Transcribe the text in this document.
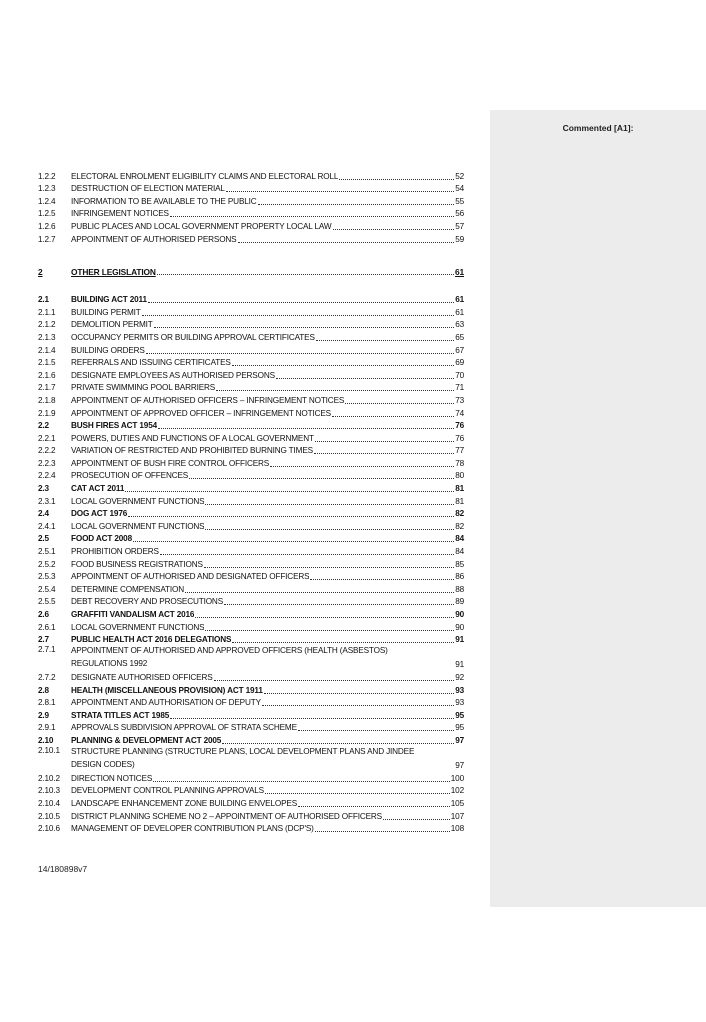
Commented [A1]:
1.2.2	ELECTORAL ENROLMENT ELIGIBILITY CLAIMS AND ELECTORAL ROLL	52
1.2.3	DESTRUCTION OF ELECTION MATERIAL	54
1.2.4	INFORMATION TO BE AVAILABLE TO THE PUBLIC	55
1.2.5	INFRINGEMENT NOTICES	56
1.2.6	PUBLIC PLACES AND LOCAL GOVERNMENT PROPERTY LOCAL LAW	57
1.2.7	APPOINTMENT OF AUTHORISED PERSONS	59
2	OTHER LEGISLATION	61
2.1	BUILDING ACT 2011	61
2.1.1	BUILDING PERMIT	61
2.1.2	DEMOLITION PERMIT	63
2.1.3	OCCUPANCY PERMITS OR BUILDING APPROVAL CERTIFICATES	65
2.1.4	BUILDING ORDERS	67
2.1.5	REFERRALS AND ISSUING CERTIFICATES	69
2.1.6	DESIGNATE EMPLOYEES AS AUTHORISED PERSONS	70
2.1.7	PRIVATE SWIMMING POOL BARRIERS	71
2.1.8	APPOINTMENT OF AUTHORISED OFFICERS – INFRINGEMENT NOTICES	73
2.1.9	APPOINTMENT OF APPROVED OFFICER – INFRINGEMENT NOTICES	74
2.2	BUSH FIRES ACT 1954	76
2.2.1	POWERS, DUTIES AND FUNCTIONS OF A LOCAL GOVERNMENT	76
2.2.2	VARIATION OF RESTRICTED AND PROHIBITED BURNING TIMES	77
2.2.3	APPOINTMENT OF BUSH FIRE CONTROL OFFICERS	78
2.2.4	PROSECUTION OF OFFENCES	80
2.3	CAT ACT 2011	81
2.3.1	LOCAL GOVERNMENT FUNCTIONS	81
2.4	DOG ACT 1976	82
2.4.1	LOCAL GOVERNMENT FUNCTIONS	82
2.5	FOOD ACT 2008	84
2.5.1	PROHIBITION ORDERS	84
2.5.2	FOOD BUSINESS REGISTRATIONS	85
2.5.3	APPOINTMENT OF AUTHORISED AND DESIGNATED OFFICERS	86
2.5.4	DETERMINE COMPENSATION	88
2.5.5	DEBT RECOVERY AND PROSECUTIONS	89
2.6	GRAFFITI VANDALISM ACT 2016	90
2.6.1	LOCAL GOVERNMENT FUNCTIONS	90
2.7	PUBLIC HEALTH ACT 2016 DELEGATIONS	91
2.7.1	APPOINTMENT OF AUTHORISED AND APPROVED OFFICERS (HEALTH (ASBESTOS) REGULATIONS 1992	91
2.7.2	DESIGNATE AUTHORISED OFFICERS	92
2.8	HEALTH (MISCELLANEOUS PROVISION) ACT 1911	93
2.8.1	APPOINTMENT AND AUTHORISATION OF DEPUTY	93
2.9	STRATA TITLES ACT 1985	95
2.9.1	APPROVALS SUBDIVISION APPROVAL OF STRATA SCHEME	95
2.10	PLANNING & DEVELOPMENT ACT 2005	97
2.10.1	STRUCTURE PLANNING (STRUCTURE PLANS, LOCAL DEVELOPMENT PLANS AND JINDEE DESIGN CODES)	97
2.10.2	DIRECTION NOTICES	100
2.10.3	DEVELOPMENT CONTROL PLANNING APPROVALS	102
2.10.4	LANDSCAPE ENHANCEMENT ZONE BUILDING ENVELOPES	105
2.10.5	DISTRICT PLANNING SCHEME NO 2 – APPOINTMENT OF AUTHORISED OFFICERS	107
2.10.6	MANAGEMENT OF DEVELOPER CONTRIBUTION PLANS (DCP'S)	108
14/180898v7
